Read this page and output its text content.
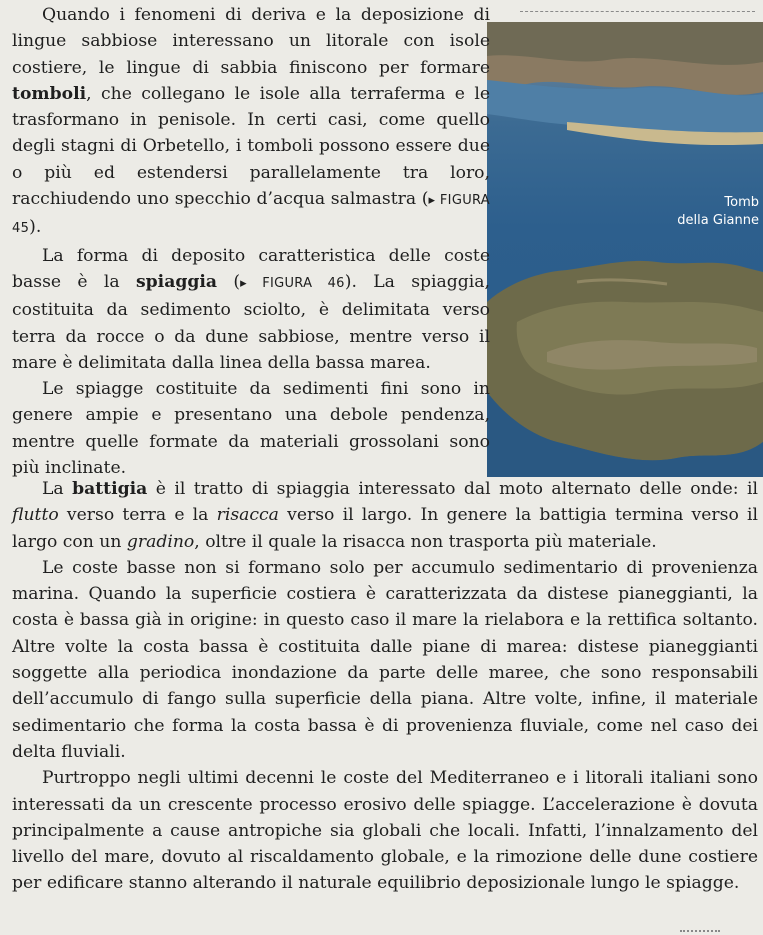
Tomb
della Gianne

Quando i fenomeni di deriva e la deposizione di lingue sabbiose interessano un litorale con isole costiere, le lingue di sabbia finiscono per formare tomboli, che collegano le isole alla terraferma e le trasformano in penisole. In certi casi, come quello degli stagni di Orbetello, i tomboli possono essere due o più ed estendersi parallelamente tra loro, racchiudendo uno specchio d’acqua salmastra (▸ FIGURA 45).

La forma di deposito caratteristica delle coste basse è la spiaggia (▸ FIGURA 46). La spiaggia, costituita da sedimento sciolto, è delimitata verso terra da rocce o da dune sabbiose, mentre verso il mare è delimitata dalla linea della bassa marea.

Le spiagge costituite da sedimenti fini sono in genere ampie e presentano una debole pendenza, mentre quelle formate da materiali grossolani sono più inclinate.

La battigia è il tratto di spiaggia interessato dal moto alternato delle onde: il flutto verso terra e la risacca verso il largo. In genere la battigia termina verso il largo con un gradino, oltre il quale la risacca non trasporta più materiale.

Le coste basse non si formano solo per accumulo sedimentario di provenienza marina. Quando la superficie costiera è caratterizzata da distese pianeggianti, la costa è bassa già in origine: in questo caso il mare la rielabora e la rettifica soltanto. Altre volte la costa bassa è costituita dalle piane di marea: distese pianeggianti soggette alla periodica inondazione da parte delle maree, che sono responsabili dell’accumulo di fango sulla superficie della piana. Altre volte, infine, il materiale sedimentario che forma la costa bassa è di provenienza fluviale, come nel caso dei delta fluviali.

Purtroppo negli ultimi decenni le coste del Mediterraneo e i litorali italiani sono interessati da un crescente processo erosivo delle spiagge. L’accelerazione è dovuta principalmente a cause antropiche sia globali che locali. Infatti, l’innalzamento del livello del mare, dovuto al riscaldamento globale, e la rimozione delle dune costiere per edificare stanno alterando il naturale equilibrio deposizionale lungo le spiagge.
